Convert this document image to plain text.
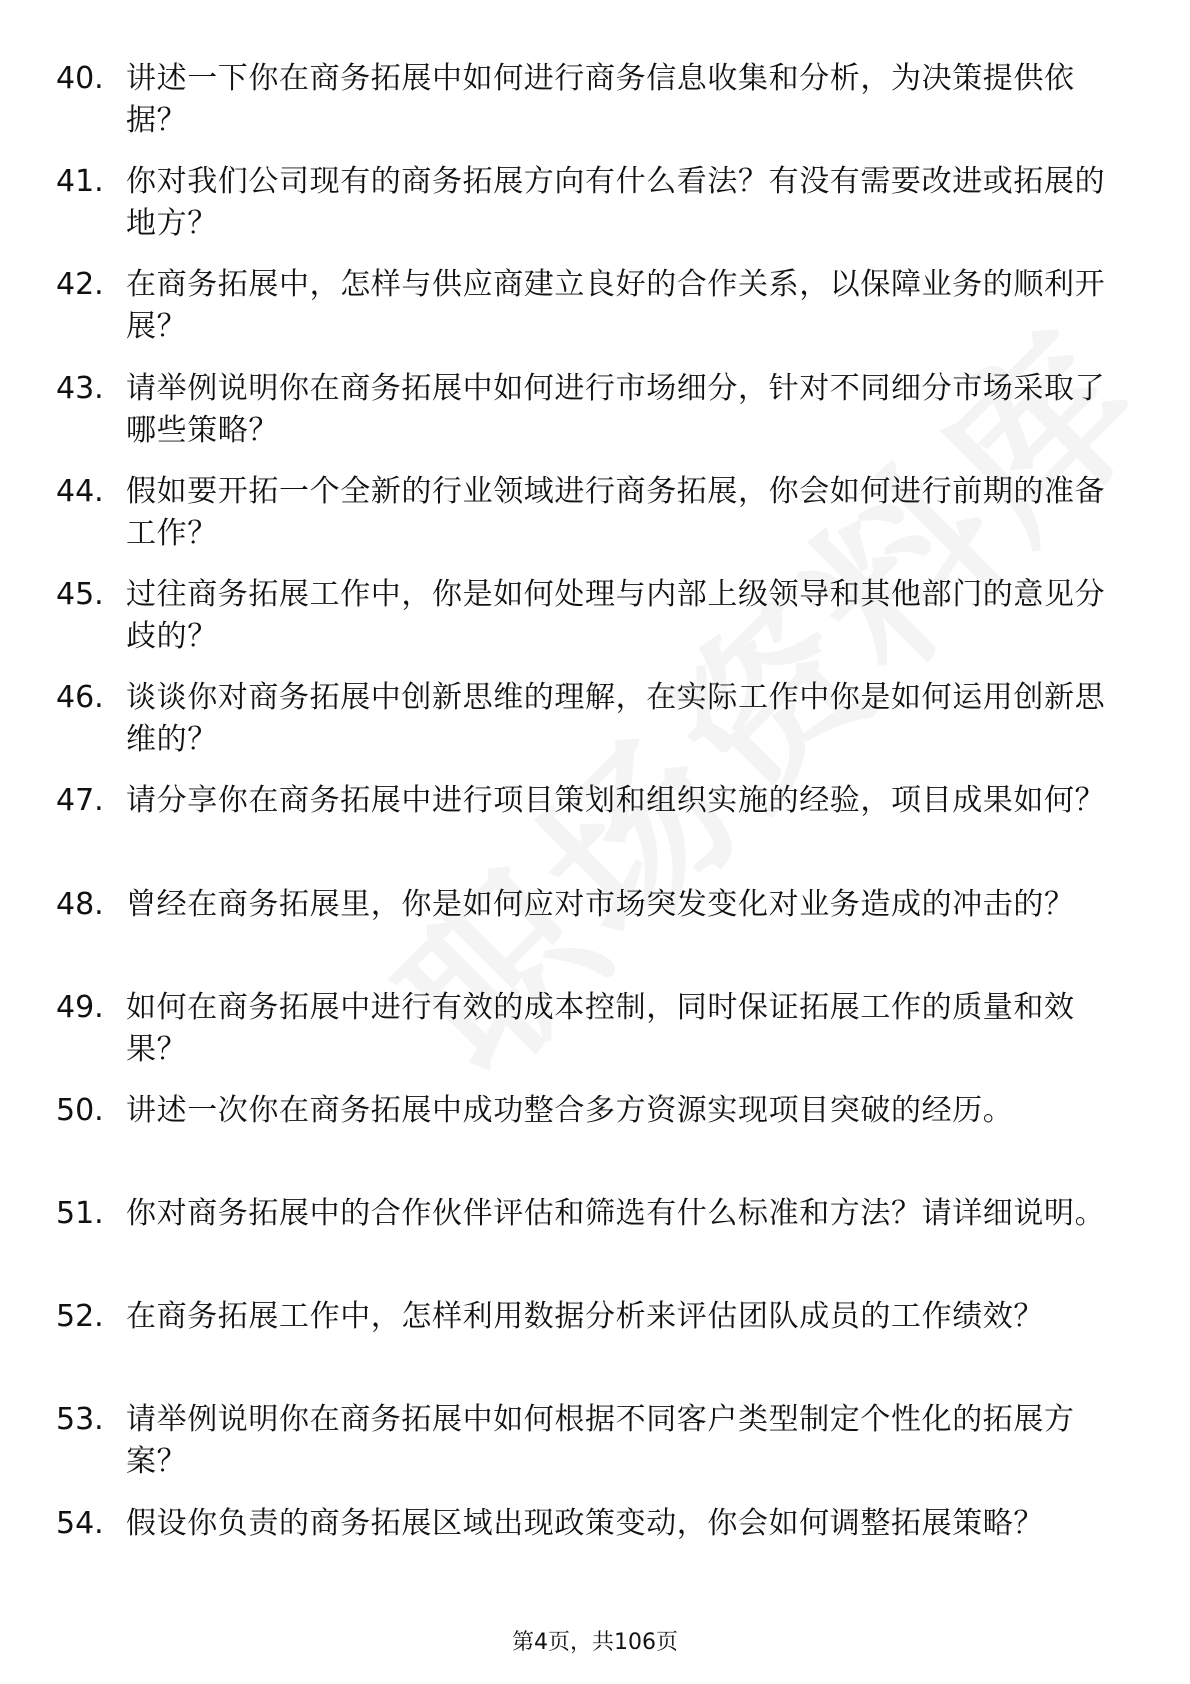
40. 讲述一下你在商务拓展中如何进行商务信息收集和分析，为决策提供依据？
41. 你对我们公司现有的商务拓展方向有什么看法？有没有需要改进或拓展的地方？
42. 在商务拓展中，怎样与供应商建立良好的合作关系，以保障业务的顺利开展？
43. 请举例说明你在商务拓展中如何进行市场细分，针对不同细分市场采取了哪些策略？
44. 假如要开拓一个全新的行业领域进行商务拓展，你会如何进行前期的准备工作？
45. 过往商务拓展工作中，你是如何处理与内部上级领导和其他部门的意见分歧的？
46. 谈谈你对商务拓展中创新思维的理解，在实际工作中你是如何运用创新思维的？
47. 请分享你在商务拓展中进行项目策划和组织实施的经验，项目成果如何？
48. 曾经在商务拓展里，你是如何应对市场突发变化对业务造成的冲击的？
49. 如何在商务拓展中进行有效的成本控制，同时保证拓展工作的质量和效果？
50. 讲述一次你在商务拓展中成功整合多方资源实现项目突破的经历。
51. 你对商务拓展中的合作伙伴评估和筛选有什么标准和方法？请详细说明。
52. 在商务拓展工作中，怎样利用数据分析来评估团队成员的工作绩效？
53. 请举例说明你在商务拓展中如何根据不同客户类型制定个性化的拓展方案？
54. 假设你负责的商务拓展区域出现政策变动，你会如何调整拓展策略？
第4页，共106页
